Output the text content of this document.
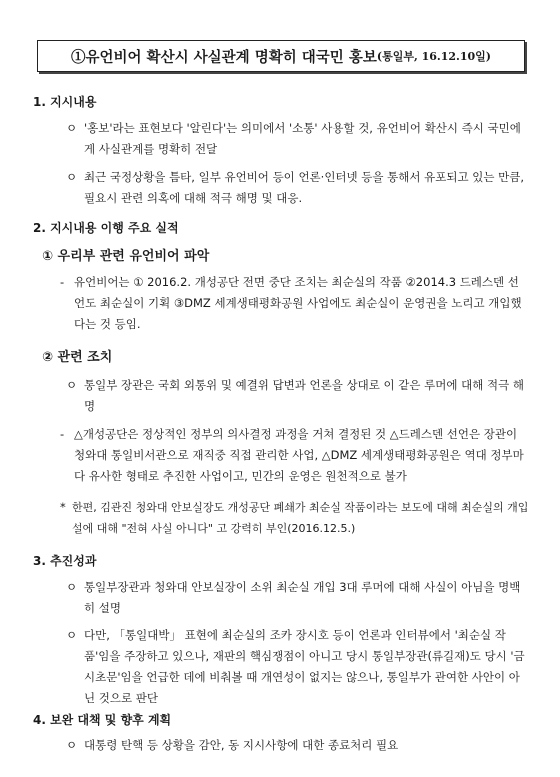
①유언비어 확산시 사실관계 명확히 대국민 홍보 (통일부, 16.12.10일)
1. 지시내용
ㅇ '홍보'라는 표현보다 '알린다'는 의미에서 '소통' 사용할 것, 유언비어 확산시 즉시 국민에게 사실관계를 명확히 전달
ㅇ 최근 국정상황을 틈타, 일부 유언비어 등이 언론·인터넷 등을 통해서 유포되고 있는 만큼, 필요시 관련 의혹에 대해 적극 해명 및 대응.
2. 지시내용 이행 주요 실적
① 우리부 관련 유언비어 파악
- 유언비어는 ① 2016.2. 개성공단 전면 중단 조치는 최순실의 작품 ②2014.3 드레스덴 선언도 최순실이 기획 ③DMZ 세계생태평화공원 사업에도 최순실이 운영권을 노리고 개입했다는 것 등임.
② 관련 조치
ㅇ 통일부 장관은 국회 외통위 및 예결위 답변과 언론을 상대로 이 같은 루머에 대해 적극 해명
- △개성공단은 정상적인 정부의 의사결정 과정을 거쳐 결정된 것 △드레스덴 선언은 장관이 청와대 통일비서관으로 재직중 직접 관리한 사업, △DMZ 세계생태평화공원은 역대 정부마다 유사한 형태로 추진한 사업이고, 민간의 운영은 원천적으로 불가
* 한편, 김관진 청와대 안보실장도 개성공단 폐쇄가 최순실 작품이라는 보도에 대해 최순실의 개입설에 대해 "전혀 사실 아니다" 고 강력히 부인(2016.12.5.)
3. 추진성과
ㅇ 통일부장관과 청와대 안보실장이 소위 최순실 개입 3대 루머에 대해 사실이 아님을 명백히 설명
ㅇ 다만, 「통일대박」 표현에 최순실의 조카 장시호 등이 언론과 인터뷰에서 '최순실 작품'임을 주장하고 있으나, 재판의 핵심쟁점이 아니고 당시 통일부장관(류길재)도 당시 '금시초문'임을 언급한 데에 비춰볼 때 개연성이 없지는 않으나, 통일부가 관여한 사안이 아닌 것으로 판단
4. 보완 대책 및 향후 계획
ㅇ 대통령 탄핵 등 상황을 감안, 동 지시사항에 대한 종료처리 필요
